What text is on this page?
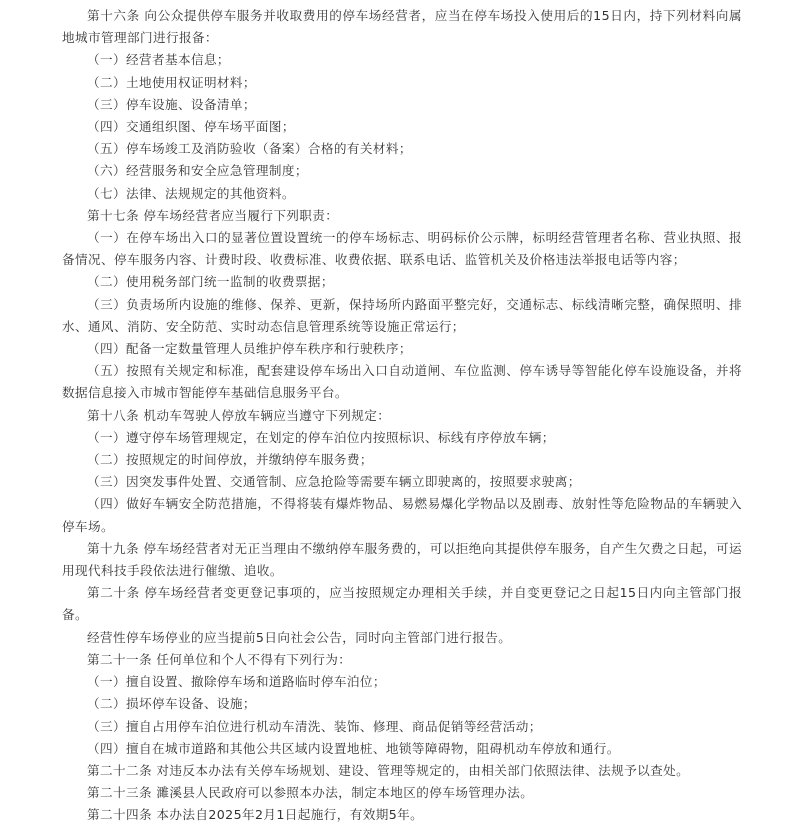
第十六条 向公众提供停车服务并收取费用的停车场经营者，应当在停车场投入使用后的15日内，持下列材料向属地城市管理部门进行报备：

（一）经营者基本信息；

（二）土地使用权证明材料；

（三）停车设施、设备清单；

（四）交通组织图、停车场平面图；

（五）停车场竣工及消防验收（备案）合格的有关材料；

（六）经营服务和安全应急管理制度；

（七）法律、法规规定的其他资料。

第十七条 停车场经营者应当履行下列职责：

（一）在停车场出入口的显著位置设置统一的停车场标志、明码标价公示牌，标明经营管理者名称、营业执照、报备情况、停车服务内容、计费时段、收费标准、收费依据、联系电话、监管机关及价格违法举报电话等内容；

（二）使用税务部门统一监制的收费票据；

（三）负责场所内设施的维修、保养、更新，保持场所内路面平整完好，交通标志、标线清晰完整，确保照明、排水、通风、消防、安全防范、实时动态信息管理系统等设施正常运行；

（四）配备一定数量管理人员维护停车秩序和行驶秩序；

（五）按照有关规定和标准，配套建设停车场出入口自动道闸、车位监测、停车诱导等智能化停车设施设备，并将数据信息接入市城市智能停车基础信息服务平台。

第十八条 机动车驾驶人停放车辆应当遵守下列规定：

（一）遵守停车场管理规定，在划定的停车泊位内按照标识、标线有序停放车辆；

（二）按照规定的时间停放，并缴纳停车服务费；

（三）因突发事件处置、交通管制、应急抢险等需要车辆立即驶离的，按照要求驶离；

（四）做好车辆安全防范措施，不得将装有爆炸物品、易燃易爆化学物品以及剧毒、放射性等危险物品的车辆驶入停车场。

第十九条 停车场经营者对无正当理由不缴纳停车服务费的，可以拒绝向其提供停车服务，自产生欠费之日起，可运用现代科技手段依法进行催缴、追收。

第二十条 停车场经营者变更登记事项的，应当按照规定办理相关手续，并自变更登记之日起15日内向主管部门报备。

经营性停车场停业的应当提前5日向社会公告，同时向主管部门进行报告。

第二十一条 任何单位和个人不得有下列行为：

（一）擅自设置、撤除停车场和道路临时停车泊位；

（二）损坏停车设备、设施；

（三）擅自占用停车泊位进行机动车清洗、装饰、修理、商品促销等经营活动；

（四）擅自在城市道路和其他公共区域内设置地桩、地锁等障碍物，阻碍机动车停放和通行。

第二十二条 对违反本办法有关停车场规划、建设、管理等规定的，由相关部门依照法律、法规予以查处。

第二十三条 濉溪县人民政府可以参照本办法，制定本地区的停车场管理办法。

第二十四条 本办法自2025年2月1日起施行，有效期5年。
